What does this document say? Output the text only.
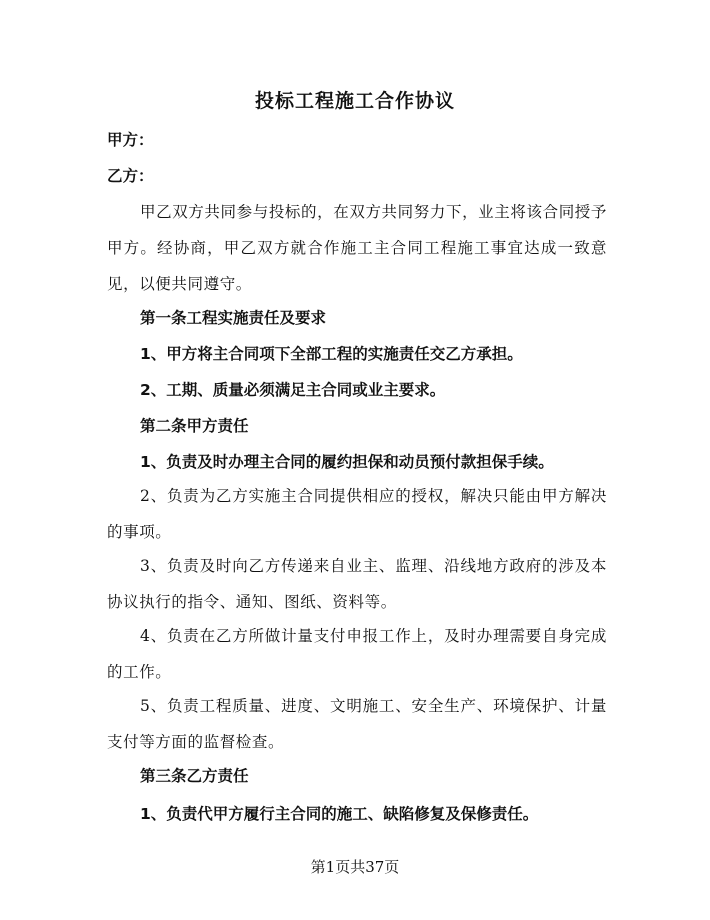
投标工程施工合作协议
甲方：
乙方：
甲乙双方共同参与投标的，在双方共同努力下，业主将该合同授予甲方。经协商，甲乙双方就合作施工主合同工程施工事宜达成一致意见，以便共同遵守。
第一条工程实施责任及要求
1、甲方将主合同项下全部工程的实施责任交乙方承担。
2、工期、质量必须满足主合同或业主要求。
第二条甲方责任
1、负责及时办理主合同的履约担保和动员预付款担保手续。
2、负责为乙方实施主合同提供相应的授权，解决只能由甲方解决的事项。
3、负责及时向乙方传递来自业主、监理、沿线地方政府的涉及本协议执行的指令、通知、图纸、资料等。
4、负责在乙方所做计量支付申报工作上，及时办理需要自身完成的工作。
5、负责工程质量、进度、文明施工、安全生产、环境保护、计量支付等方面的监督检查。
第三条乙方责任
1、负责代甲方履行主合同的施工、缺陷修复及保修责任。
第1页共37页
